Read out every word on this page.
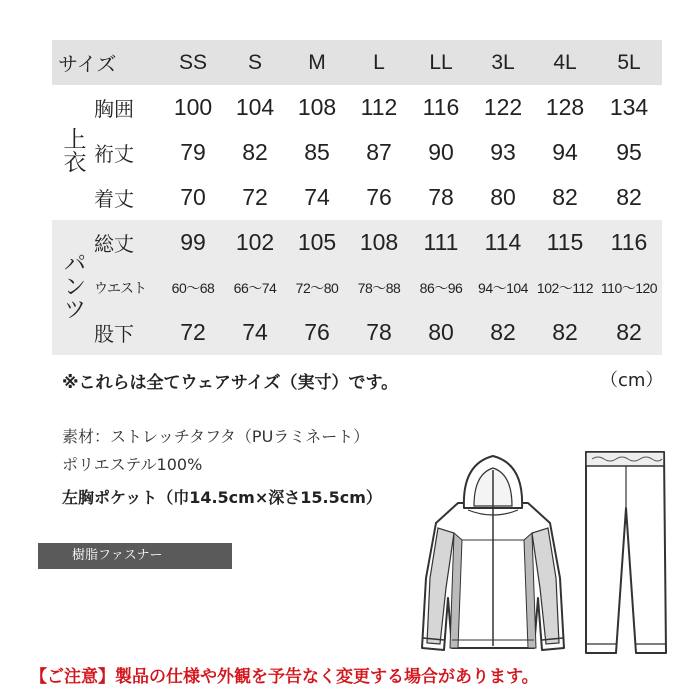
サイズ		SS	S	M	L	LL	3L	4L	5L
上衣	胸囲	100	104	108	112	116	122	128	134
	裄丈	79	82	85	87	90	93	94	95
	着丈	70	72	74	76	78	80	82	82
パンツ	総丈	99	102	105	108	111	114	115	116
	ウエスト	60〜68	66〜74	72〜80	78〜88	86〜96	94〜104	102〜112	110〜120
	股下	72	74	76	78	80	82	82	82
※これらは全てウェアサイズ（実寸）です。	（cm）
素材：ストレッチタフタ（PUラミネート）
ポリエステル100%
左胸ポケット（巾14.5cm×深さ15.5cm）
樹脂ファスナー
【ご注意】製品の仕様や外観を予告なく変更する場合があります。
